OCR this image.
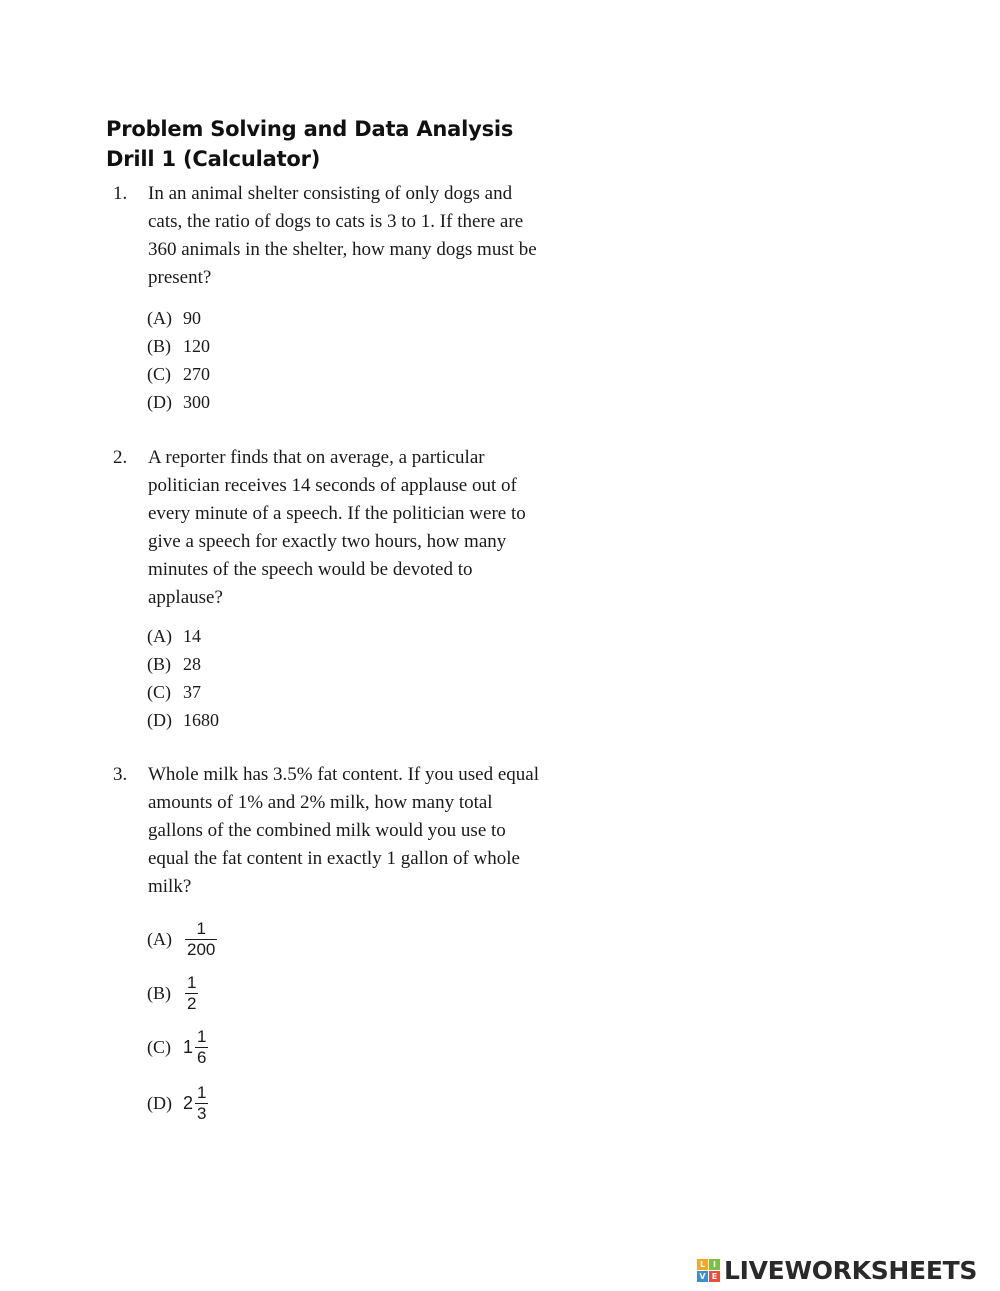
Problem Solving and Data Analysis
Drill 1 (Calculator)
1. In an animal shelter consisting of only dogs and cats, the ratio of dogs to cats is 3 to 1. If there are 360 animals in the shelter, how many dogs must be present?
(A) 90
(B) 120
(C) 270
(D) 300
2. A reporter finds that on average, a particular politician receives 14 seconds of applause out of every minute of a speech. If the politician were to give a speech for exactly two hours, how many minutes of the speech would be devoted to applause?
(A) 14
(B) 28
(C) 37
(D) 1680
3. Whole milk has 3.5% fat content. If you used equal amounts of 1% and 2% milk, how many total gallons of the combined milk would you use to equal the fat content in exactly 1 gallon of whole milk?
$(A) \frac{1}{200}$
$(B) \frac{1}{2}$
(C) $1 \frac{1}{6}$
(D) $2 \frac{1}{3}$
L I
V E LIVEWORKSHEETS
